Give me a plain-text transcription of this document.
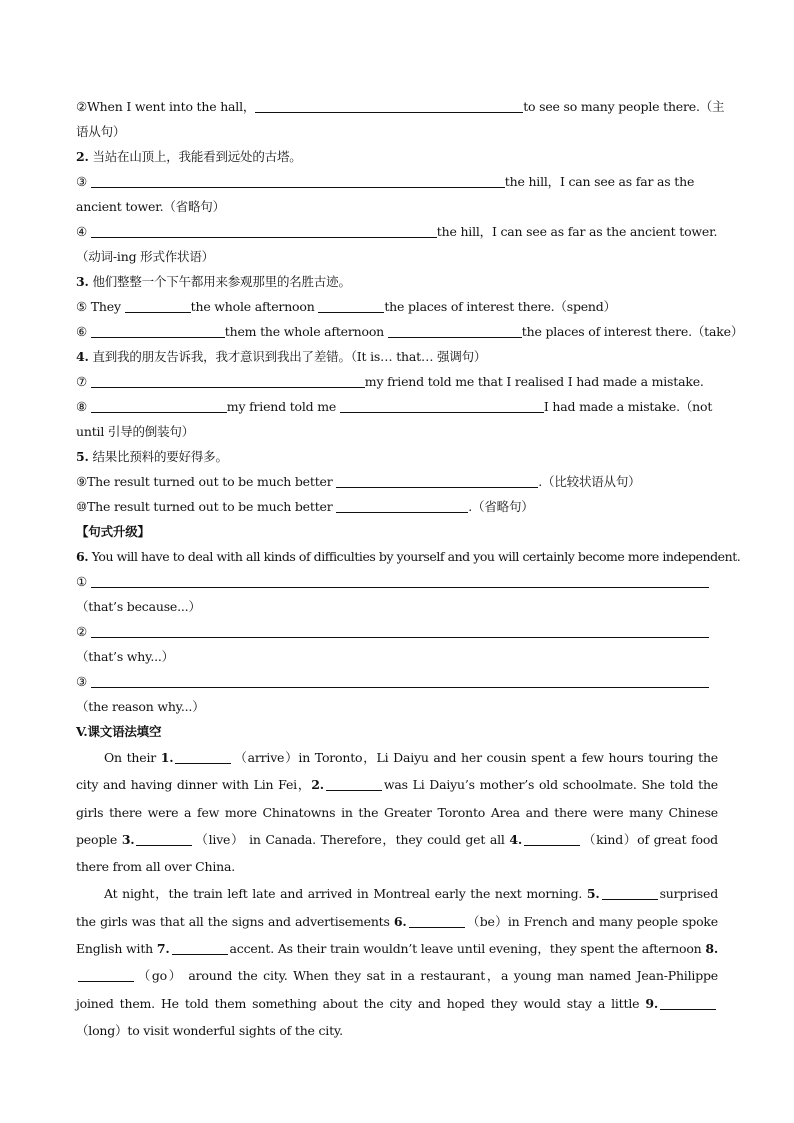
②When I went into the hall，	to see so many people there.（主
语从句）
2. 当站在山顶上，我能看到远处的古塔。
③	the hill，I can see as far as the
ancient tower.（省略句）
④	the hill，I can see as far as the ancient tower.
（动词-ing 形式作状语）
3. 他们整整一个下午都用来参观那里的名胜古迹。
⑤ They	the whole afternoon	the places of interest there.（spend）
⑥	them the whole afternoon	the places of interest there.（take）
4. 直到我的朋友告诉我，我才意识到我出了差错。（It is… that… 强调句）
⑦	my friend told me that I realised I had made a mistake.
⑧	my friend told me	I had made a mistake.（not
until 引导的倒装句）
5. 结果比预料的要好得多。
⑨The result turned out to be much better	.（比较状语从句）
⑩The result turned out to be much better	.（省略句）
【句式升级】
6. You will have to deal with all kinds of difficulties by yourself and you will certainly become more independent.
①
（that’s because...）
②
（that’s why...）
③
（the reason why...）
V.课文语法填空

On their 1.	（arrive）in Toronto，Li Daiyu and her cousin spent a few hours touring the city and having dinner with Lin Fei，2.	was Li Daiyu’s mother’s old schoolmate. She told the girls there were a few more Chinatowns in the Greater Toronto Area and there were many Chinese people 3.	（live） in Canada. Therefore，they could get all 4.	（kind）of great food there from all over China.

At night，the train left late and arrived in Montreal early the next morning. 5.	surprised the girls was that all the signs and advertisements 6.	（be）in French and many people spoke English with 7.	accent. As their train wouldn’t leave until evening，they spent the afternoon 8.（go） around the city. When they sat in a restaurant，a young man named Jean-Philippe joined them. He told them something about the city and hoped they would stay a little 9.（long）to visit wonderful sights of the city.
